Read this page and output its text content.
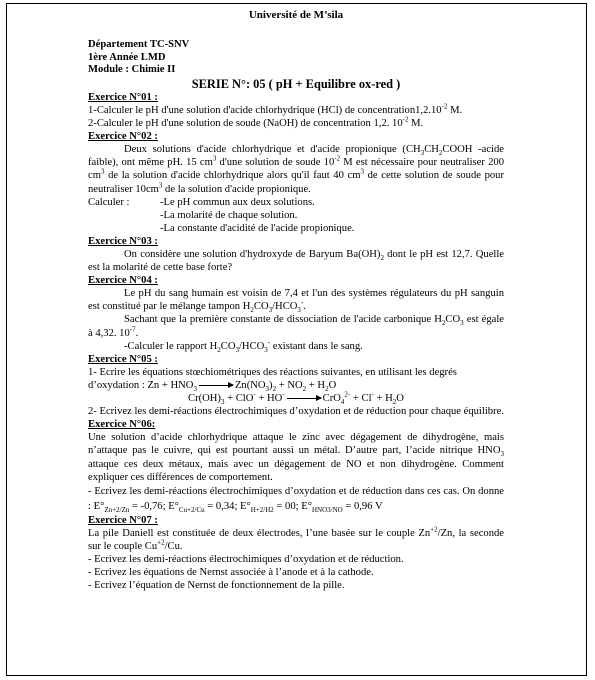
Université de M’sila
Département TC-SNV
1ère Année LMD
Module : Chimie II
SERIE N°: 05 ( pH + Equilibre ox-red )
Exercice N°01 :

1-Calculer le pH d'une solution d'acide chlorhydrique (HCl) de $concentration1,2.10^{-2}$ M.

2-Calculer le pH d'une solution de soude (NaOH) de concentration 1,2. $10^{-2}$ M.

Exercice N°02 :

Deux solutions d'acide chlorhydrique et d'acide propionique ($CH_3CH_2COOH$ -acide faible), ont même pH. 15 $cm^3$ d'une solution de soude $10^{-2}$ M est nécessaire pour neutraliser 200 $cm^3$ de la solution d'acide chlorhydrique alors qu'il faut 40 $cm^3$ de cette solution de soude pour neutraliser $10cm^3$ de la solution d'acide propionique.

Calculer :	-Le pH commun aux deux solutions.
-La molarité de chaque solution.
-La constante d'acidité de l'acide propionique.
Exercice N°03 :

On considère une solution d'hydroxyde de Baryum $Ba(OH)_2$ dont le pH est 12,7. Quelle est la molarité de cette base forte?

Exercice N°04 :

Le pH du sang humain est voisin de 7,4 et l'un des systèmes régulateurs du pH sanguin est constitué par le mélange tampon $H_2CO_3/HCO_3^-$.

Sachant que la première constante de dissociation de l'acide carbonique $H_2CO_3$ est égale à 4,32. $10^{-7}$.

-Calculer le rapport $H_2CO_3/HCO_3^-$ existant dans le sang.

Exercice N°05 :

1- Ecrire les équations stœchiométriques des réactions suivantes, en utilisant les degrés d’oxydation : $Zn + HNO_3 \to Zn(NO_3)_2 + NO_2 + H_2O$

$Cr(OH)_3 + ClO^- + HO^- \to CrO_4^{2-} + Cl^- + H_2O$

2- Ecrivez les demi-réactions électrochimiques d’oxydation et de réduction pour chaque équilibre.

Exercice N°06:

Une solution d’acide chlorhydrique attaque le zinc avec dégagement de dihydrogène, mais n’attaque pas le cuivre, qui est pourtant aussi un métal. D’autre part, l’acide nitrique $HNO_3$ attaque ces deux métaux, mais avec un dégagement de NO et non dihydrogène. Comment expliquer ces différences de comportement.

- Ecrivez les demi-réactions électrochimiques d’oxydation et de réduction dans ces cas. On donne : $E^\circ_{Zn+2/Zn} = -0,76$; $E^\circ_{Cu+2/Cu} = 0,34$; $E^\circ_{H+2/H2} = 00$; $E^\circ_{HNO3/NO} = 0,96$ V

Exercice N°07 :

La pile Daniell est constituée de deux électrodes, l’une basée sur le couple $Zn^{+2}/Zn$, la seconde sur le couple $Cu^{+2}/Cu$.

- Ecrivez les demi-réactions électrochimiques d’oxydation et de réduction.

- Ecrivez les équations de Nernst associée à l’anode et à la cathode.

- Ecrivez l’équation de Nernst de fonctionnement de la pille.
